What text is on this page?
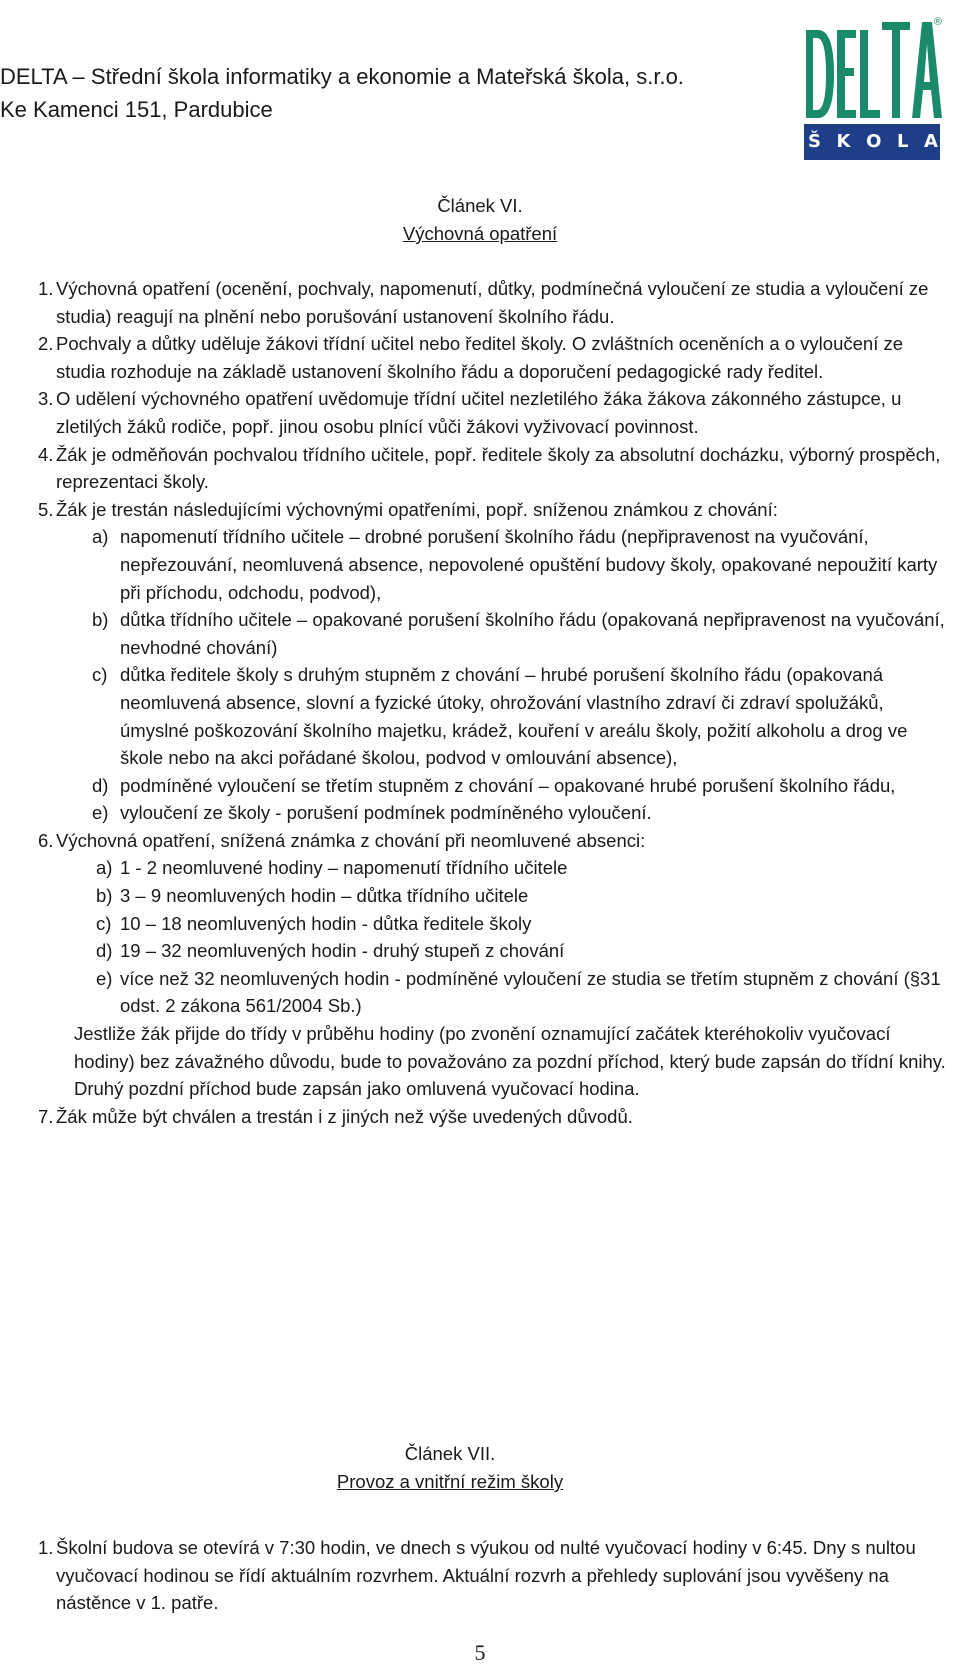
DELTA – Střední škola informatiky a ekonomie a Mateřská škola, s.r.o.
Ke Kamenci 151, Pardubice
®
Š K O L A
Článek VI.
Výchovná opatření
1. Výchovná opatření (ocenění, pochvaly, napomenutí, důtky, podmínečná vyloučení ze studia a vyloučení ze studia) reagují na plnění nebo porušování ustanovení školního řádu.
2. Pochvaly a důtky uděluje žákovi třídní učitel nebo ředitel školy. O zvláštních oceněních a o vyloučení ze studia rozhoduje na základě ustanovení školního řádu a doporučení pedagogické rady ředitel.
3. O udělení výchovného opatření uvědomuje třídní učitel nezletilého žáka žákova zákonného zástupce, u zletilých žáků rodiče, popř. jinou osobu plnící vůči žákovi vyživovací povinnost.
4. Žák je odměňován pochvalou třídního učitele, popř. ředitele školy za absolutní docházku, výborný prospěch, reprezentaci školy.
5. Žák je trestán následujícími výchovnými opatřeními, popř. sníženou známkou z chování:
a) napomenutí třídního učitele – drobné porušení školního řádu (nepřipravenost na vyučování, nepřezouvání, neomluvená absence, nepovolené opuštění budovy školy, opakované nepoužití karty při příchodu, odchodu, podvod),
b) důtka třídního učitele – opakované porušení školního řádu (opakovaná nepřipravenost na vyučování, nevhodné chování)
c) důtka ředitele školy s druhým stupněm z chování – hrubé porušení školního řádu (opakovaná neomluvená absence, slovní a fyzické útoky, ohrožování vlastního zdraví či zdraví spolužáků, úmyslné poškozování školního majetku, krádež, kouření v areálu školy, požití alkoholu a drog ve škole nebo na akci pořádané školou, podvod v omlouvání absence),
d) podmíněné vyloučení se třetím stupněm z chování – opakované hrubé porušení školního řádu,
e) vyloučení ze školy - porušení podmínek podmíněného vyloučení.
6. Výchovná opatření, snížená známka z chování při neomluvené absenci:
a) 1 - 2 neomluvené hodiny – napomenutí třídního učitele
b) 3 – 9 neomluvených hodin – důtka třídního učitele
c) 10 – 18 neomluvených hodin - důtka ředitele školy
d) 19 – 32 neomluvených hodin - druhý stupeň z chování
e) více než 32 neomluvených hodin - podmíněné vyloučení ze studia se třetím stupněm z chování (§31 odst. 2 zákona 561/2004 Sb.)
Jestliže žák přijde do třídy v průběhu hodiny (po zvonění oznamující začátek kteréhokoliv vyučovací hodiny) bez závažného důvodu, bude to považováno za pozdní příchod, který bude zapsán do třídní knihy. Druhý pozdní příchod bude zapsán jako omluvená vyučovací hodina.
7. Žák může být chválen a trestán i z jiných než výše uvedených důvodů.
Článek VII.
Provoz a vnitřní režim školy
1. Školní budova se otevírá v 7:30 hodin, ve dnech s výukou od nulté vyučovací hodiny v 6:45. Dny s nultou vyučovací hodinou se řídí aktuálním rozvrhem. Aktuální rozvrh a přehledy suplování jsou vyvěšeny na nástěnce v 1. patře.
5
